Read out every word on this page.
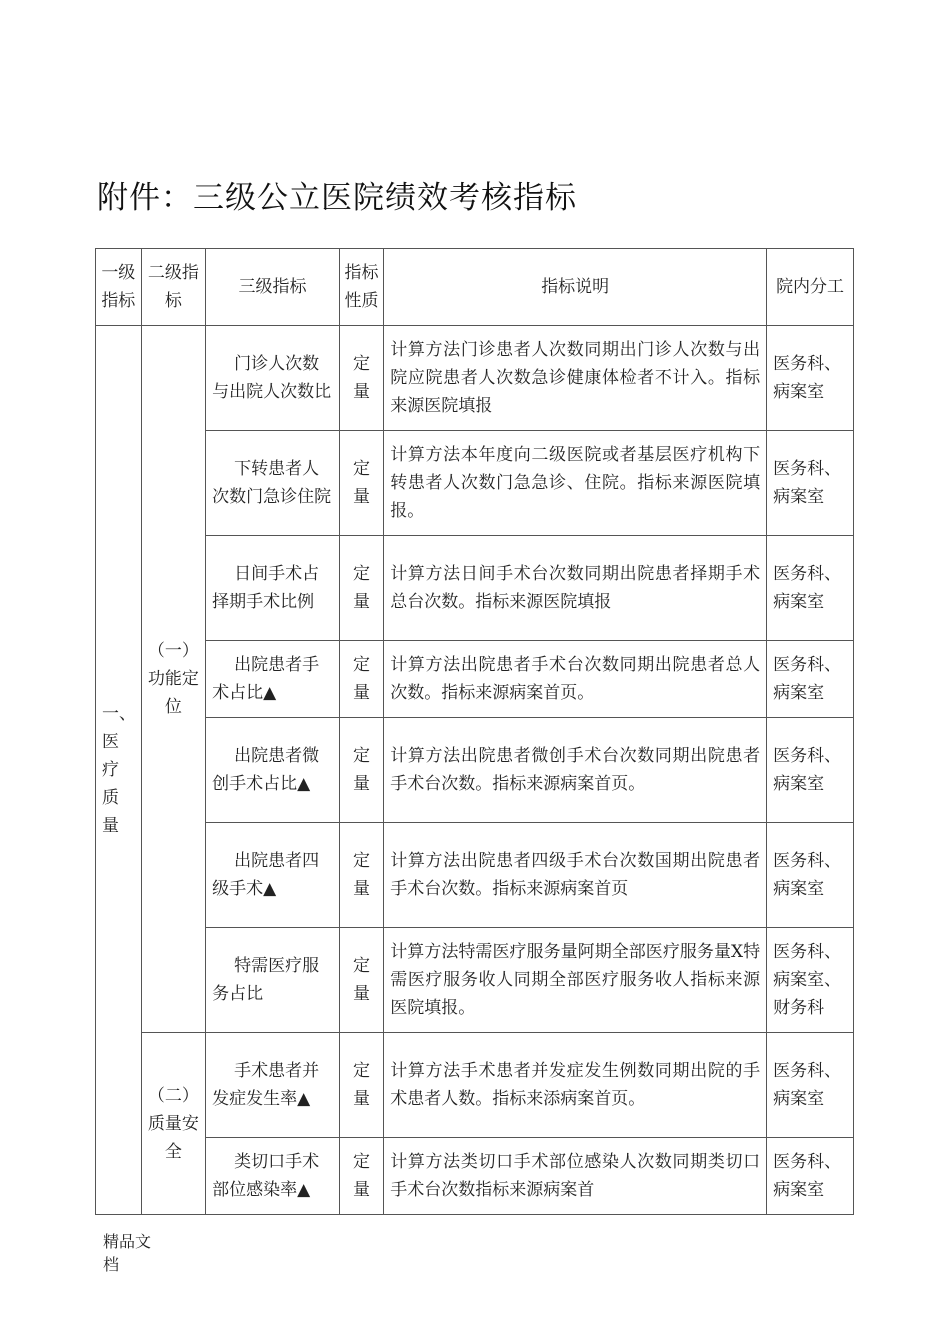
附件：三级公立医院绩效考核指标
一级指标	二级指标	三级指标	指标性质	指标说明	院内分工
一、医疗质量	（一）功能定位	门诊人次数与出院人次数比	定量	计算方法门诊患者人次数同期出门诊人次数与出院应院患者人次数急诊健康体检者不计入。指标来源医院填报	医务科、病案室
		下转患者人次数门急诊住院	定量	计算方法本年度向二级医院或者基层医疗机构下转患者人次数门急急诊、住院。指标来源医院填报。	医务科、病案室
		日间手术占择期手术比例	定量	计算方法日间手术台次数同期出院患者择期手术总台次数。指标来源医院填报	医务科、病案室
		出院患者手术占比▲	定量	计算方法出院患者手术台次数同期出院患者总人次数。指标来源病案首页。	医务科、病案室
		出院患者微创手术占比▲	定量	计算方法出院患者微创手术台次数同期出院患者手术台次数。指标来源病案首页。	医务科、病案室
		出院患者四级手术▲	定量	计算方法出院患者四级手术台次数国期出院患者手术台次数。指标来源病案首页	医务科、病案室
		特需医疗服务占比	定量	计算方法特需医疗服务量阿期全部医疗服务量X特需医疗服务收人同期全部医疗服务收人指标来源医院填报。	医务科、病案室、财务科
	（二）质量安全	手术患者并发症发生率▲	定量	计算方法手术患者并发症发生例数同期出院的手术患者人数。指标来添病案首页。	医务科、病案室
		类切口手术部位感染率▲	定量	计算方法类切口手术部位感染人次数同期类切口手术台次数指标来源病案首	医务科、病案室
精品文档
